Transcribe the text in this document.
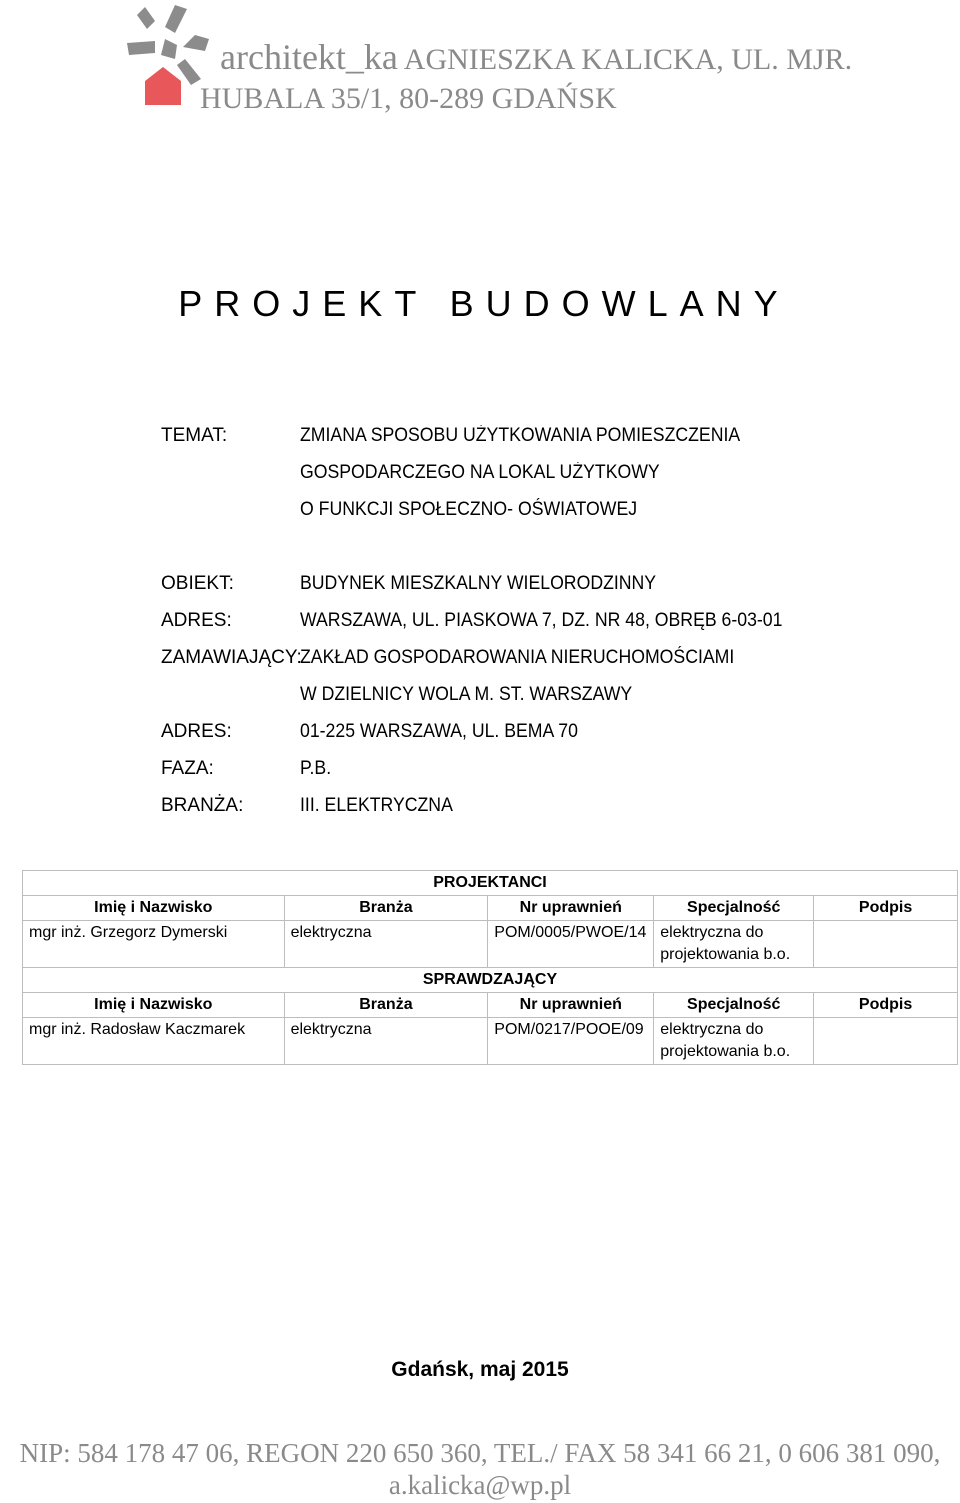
architekt_ka AGNIESZKA KALICKA, UL. MJR.
HUBALA 35/1, 80-289 GDAŃSK
PROJEKT BUDOWLANY
TEMAT:	ZMIANA SPOSOBU UŻYTKOWANIA POMIESZCZENIA
GOSPODARCZEGO NA LOKAL UŻYTKOWY
O FUNKCJI SPOŁECZNO- OŚWIATOWEJ
OBIEKT:	BUDYNEK MIESZKALNY WIELORODZINNY
ADRES:	WARSZAWA, UL. PIASKOWA 7, DZ. NR 48, OBRĘB 6-03-01
ZAMAWIAJĄCY:ZAKŁAD GOSPODAROWANIA NIERUCHOMOŚCIAMI
W DZIELNICY WOLA M. ST. WARSZAWY
ADRES:	01-225 WARSZAWA, UL. BEMA 70
FAZA:	P.B.
BRANŻA:	III. ELEKTRYCZNA
PROJEKTANCI				
Imię i Nazwisko	Branża	Nr uprawnień	Specjalność	Podpis
mgr inż. Grzegorz Dymerski	elektryczna	POM/0005/PWOE/14	elektryczna do projektowania b.o.	
SPRAWDZAJĄCY				
Imię i Nazwisko	Branża	Nr uprawnień	Specjalność	Podpis
mgr inż. Radosław Kaczmarek	elektryczna	POM/0217/POOE/09	elektryczna do projektowania b.o.	
Gdańsk, maj 2015
NIP: 584 178 47 06, REGON 220 650 360, TEL./ FAX 58 341 66 21, 0 606 381 090,
a.kalicka@wp.pl
